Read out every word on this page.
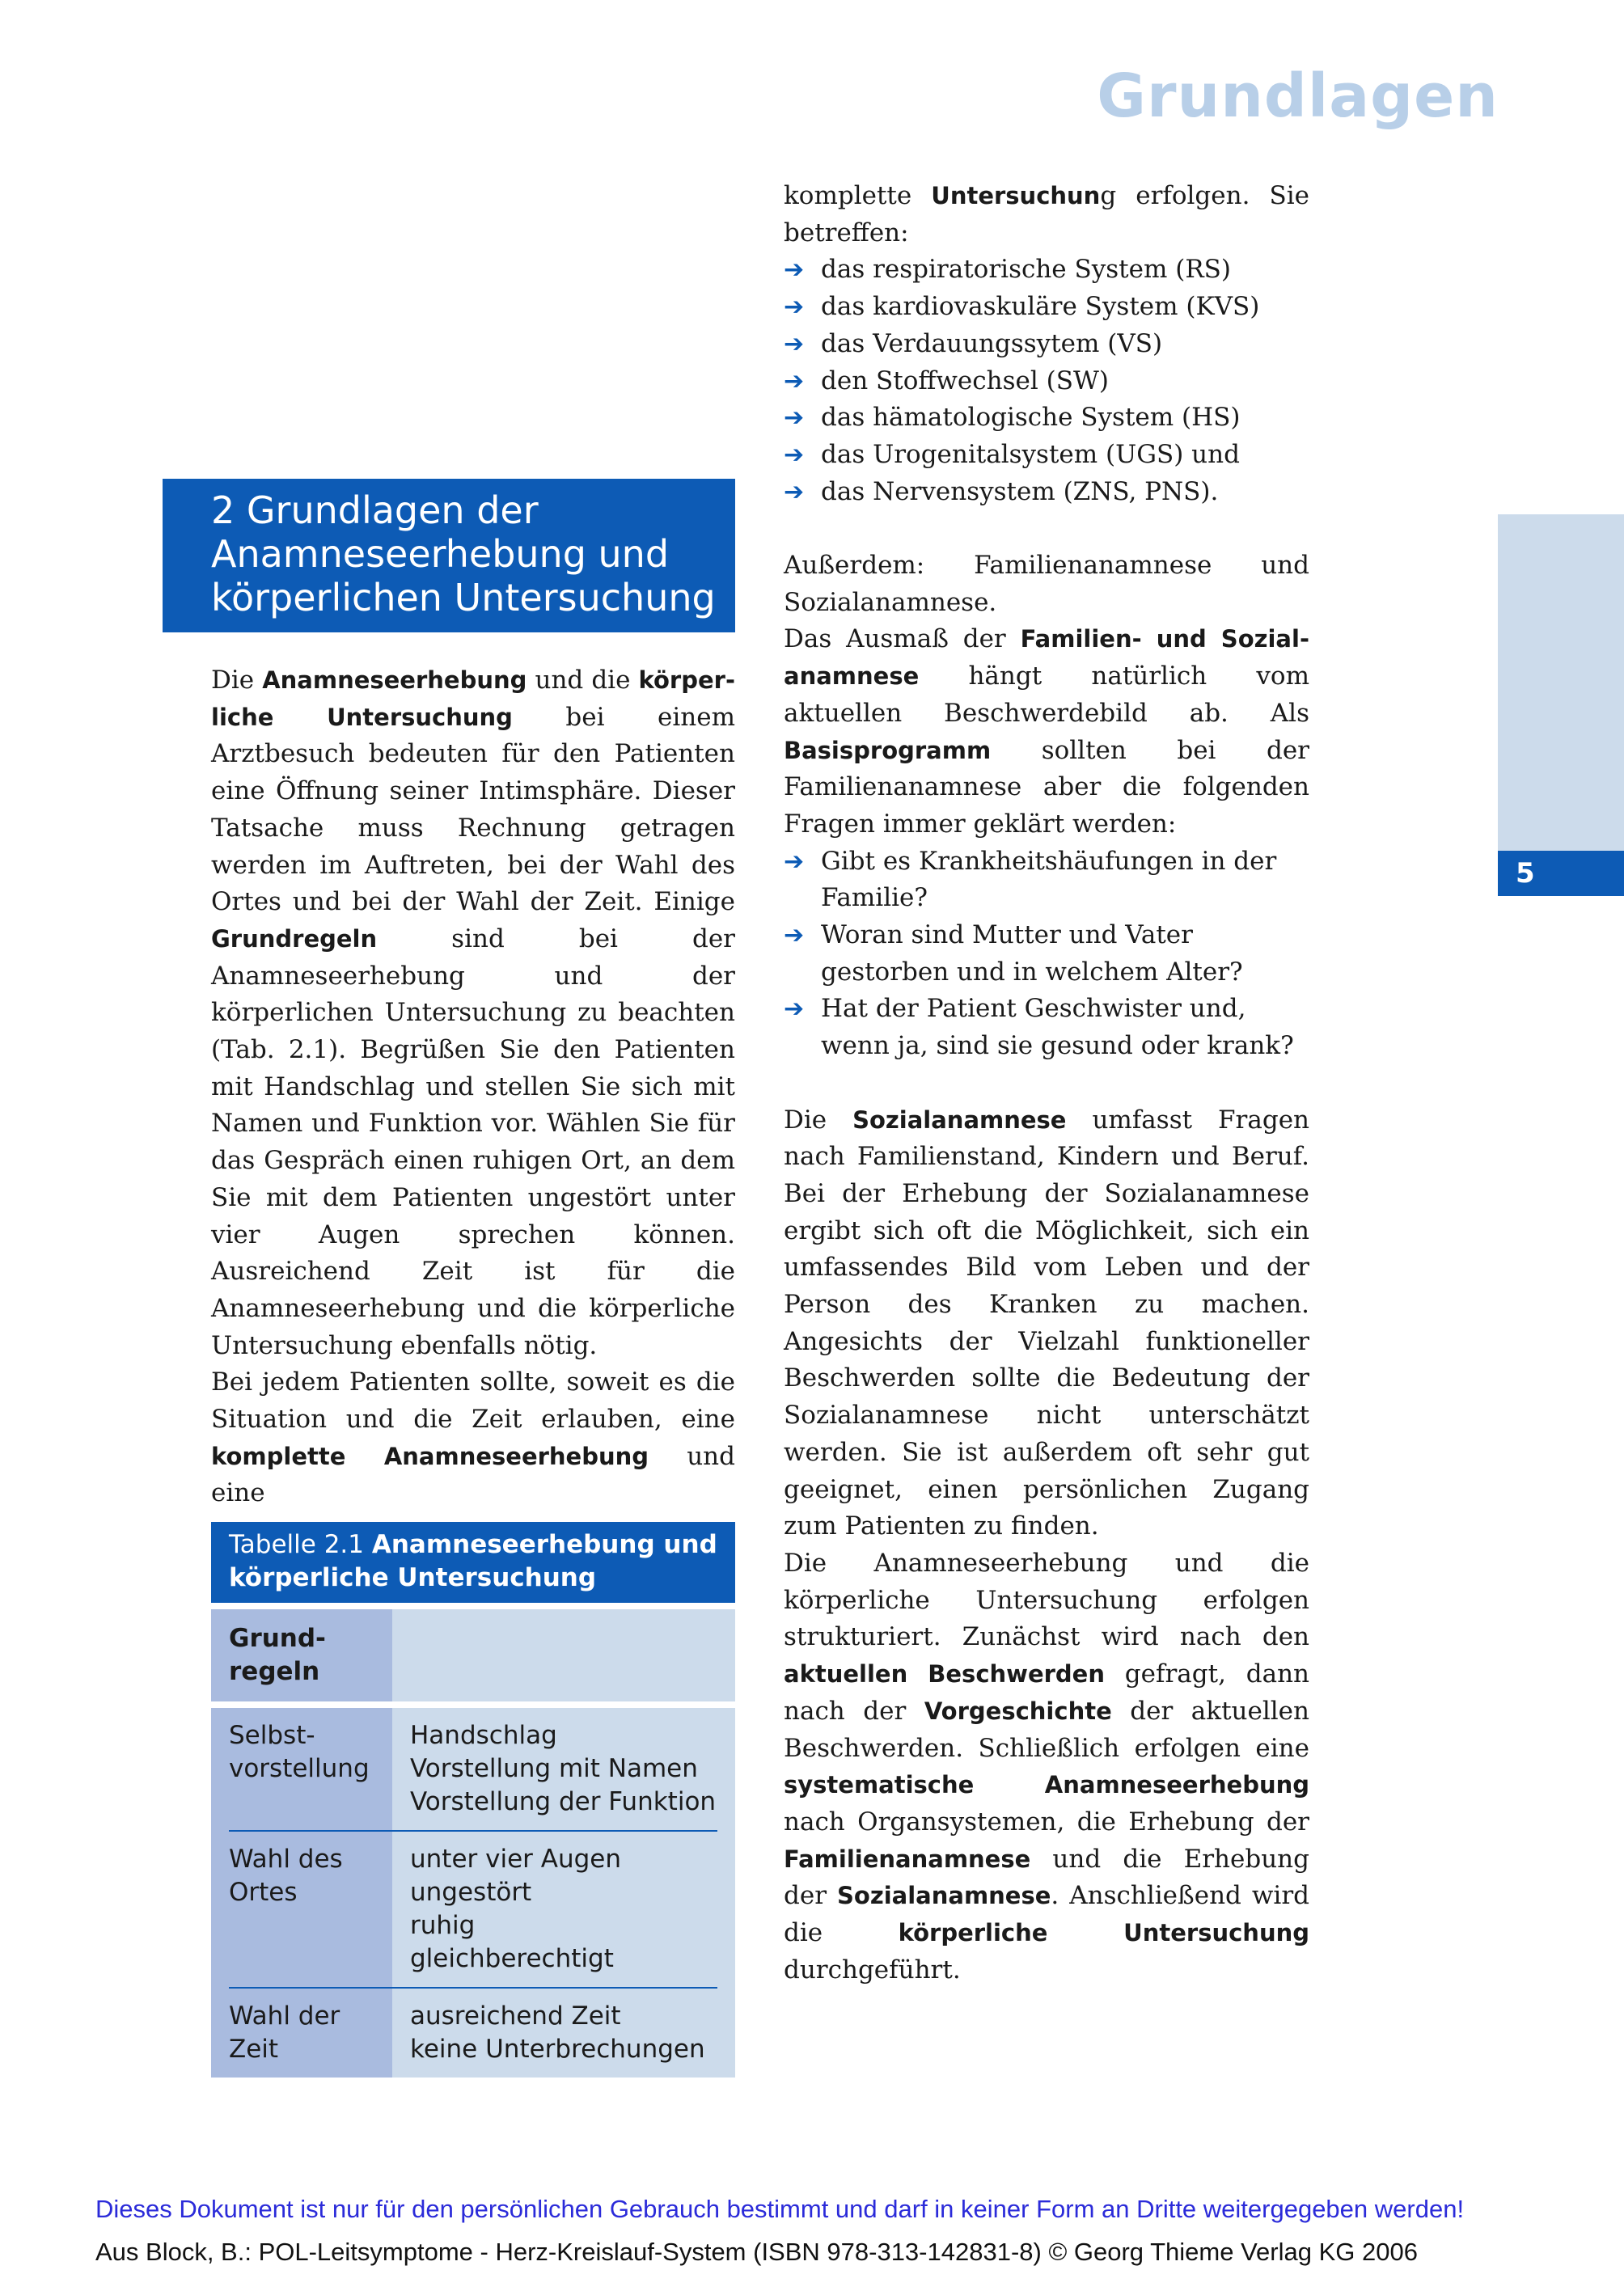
Grundlagen
5
2 Grundlagen der
Anamneseerhebung und
körperlichen Untersuchung

Die Anamneseerhebung und die körper-liche Untersuchung bei einem Arztbesuch bedeuten für den Patienten eine Öffnung seiner Intimsphäre. Dieser Tatsache muss Rechnung getragen werden im Auftreten, bei der Wahl des Ortes und bei der Wahl der Zeit. Einige Grundregeln sind bei der Anamneseerhebung und der körperlichen Untersuchung zu beachten (Tab. 2.1). Begrüßen Sie den Patienten mit Handschlag und stellen Sie sich mit Namen und Funktion vor. Wählen Sie für das Gespräch einen ruhigen Ort, an dem Sie mit dem Patienten ungestört unter vier Augen sprechen können. Ausreichend Zeit ist für die Anamneseerhebung und die körperliche Untersuchung ebenfalls nötig.

Bei jedem Patienten sollte, soweit es die Situation und die Zeit erlauben, eine komplette Anamneseerhebung und eine

komplette Untersuchung erfolgen. Sie betreffen:

➔ das respiratorische System (RS)
➔ das kardiovaskuläre System (KVS)
➔ das Verdauungssytem (VS)
➔ den Stoffwechsel (SW)
➔ das hämatologische System (HS)
➔ das Urogenitalsystem (UGS) und
➔ das Nervensystem (ZNS, PNS).

Außerdem: Familienanamnese und Sozialanamnese.

Das Ausmaß der Familien- und Sozial-anamnese hängt natürlich vom aktuellen Beschwerdebild ab. Als Basisprogramm sollten bei der Familienanamnese aber die folgenden Fragen immer geklärt werden:

➔ Gibt es Krankheitshäufungen in der Familie?
➔ Woran sind Mutter und Vater gestorben und in welchem Alter?
➔ Hat der Patient Geschwister und, wenn ja, sind sie gesund oder krank?

Die Sozialanamnese umfasst Fragen nach Familienstand, Kindern und Beruf. Bei der Erhebung der Sozialanamnese ergibt sich oft die Möglichkeit, sich ein umfassendes Bild vom Leben und der Person des Kranken zu machen. Angesichts der Vielzahl funktioneller Beschwerden sollte die Bedeutung der Sozialanamnese nicht unterschätzt werden. Sie ist außerdem oft sehr gut geeignet, einen persönlichen Zugang zum Patienten zu finden.

Die Anamneseerhebung und die körperliche Untersuchung erfolgen strukturiert. Zunächst wird nach den aktuellen Beschwerden gefragt, dann nach der Vorgeschichte der aktuellen Beschwerden. Schließlich erfolgen eine systematische Anamneseerhebung nach Organsystemen, die Erhebung der Familienanamnese und die Erhebung der Sozialanamnese. Anschließend wird die körperliche Untersuchung durchgeführt.

Tabelle 2.1 Anamneseerhebung und körperliche Untersuchung
Grund-regeln
Selbst-vorstellung
Handschlag
Vorstellung mit Namen
Vorstellung der Funktion
Wahl des Ortes
unter vier Augen
ungestört
ruhig
gleichberechtigt
Wahl der Zeit
ausreichend Zeit
keine Unterbrechungen
Dieses Dokument ist nur für den persönlichen Gebrauch bestimmt und darf in keiner Form an Dritte weitergegeben werden!
Aus Block, B.: POL-Leitsymptome - Herz-Kreislauf-System (ISBN 978-313-142831-8) © Georg Thieme Verlag KG 2006
